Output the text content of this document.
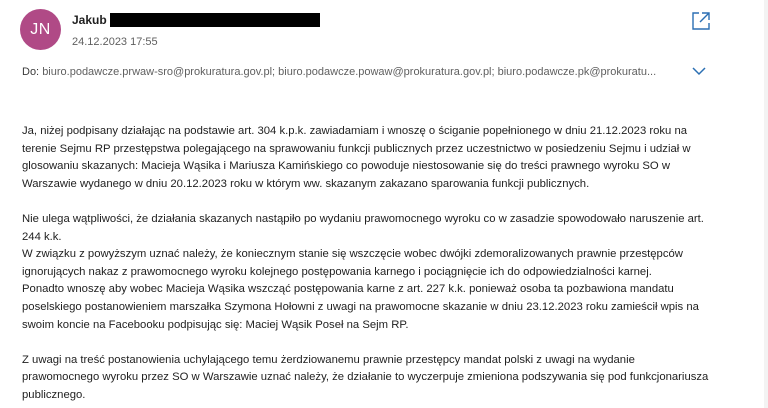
JN
Jakub
24.12.2023 17:55
Do: biuro.podawcze.prwaw-sro@prokuratura.gov.pl; biuro.podawcze.powaw@prokuratura.gov.pl; biuro.podawcze.pk@prokuratu...

Ja, niżej podpisany działając na podstawie art. 304 k.p.k. zawiadamiam i wnoszę o ściganie popełnionego w dniu 21.12.2023 roku na

terenie Sejmu RP przestępstwa polegającego na sprawowaniu funkcji publicznych przez uczestnictwo w posiedzeniu Sejmu i udział w

glosowaniu skazanych: Macieja Wąsika i Mariusza Kamińskiego co powoduje niestosowanie się do treści prawnego wyroku SO w

Warszawie wydanego w dniu 20.12.2023 roku w którym ww. skazanym zakazano sparowania funkcji publicznych.

Nie ulega wątpliwości, że działania skazanych nastąpiło po wydaniu prawomocnego wyroku co w zasadzie spowodowało naruszenie art.

244 k.k.

W związku z powyższym uznać należy, że koniecznym stanie się wszczęcie wobec dwójki zdemoralizowanych prawnie przestępców

ignorujących nakaz z prawomocnego wyroku kolejnego postępowania karnego i pociągnięcie ich do odpowiedzialności karnej.

Ponadto wnoszę aby wobec Macieja Wąsika wszcząć postępowania karne z art. 227 k.k. ponieważ osoba ta pozbawiona mandatu

poselskiego postanowieniem marszałka Szymona Hołowni z uwagi na prawomocne skazanie w dniu 23.12.2023 roku zamieścił wpis na

swoim koncie na Facebooku podpisując się: Maciej Wąsik Poseł na Sejm RP.

Z uwagi na treść postanowienia uchylającego temu żerdziowanemu prawnie przestępcy mandat polski z uwagi na wydanie

prawomocnego wyroku przez SO w Warszawie uznać należy, że działanie to wyczerpuje zmieniona podszywania się pod funkcjonariusza

publicznego.
